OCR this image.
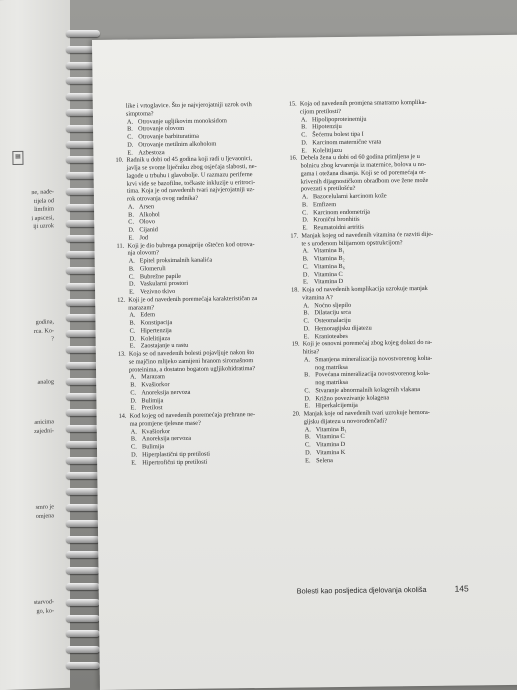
ne, nađe-
tijela od
limfnim
i apscesi,
iji uzrok
godina,
rca. Ko-
?
analog
anicima
zajedni-
smro je
omjena
starvod-
go, ko-
▦
like i vrtoglavice. Što je najvjerojatniji uzrok ovih
simptoma?
A. Otrovanje ugljikovim monoksidom
B. Otrovanje olovom
C. Otrovanje barbituratima
D. Otrovanje metilnim alkoholom
E. Azbestoza
10. Radnik u dobi od 45 godina koji radi u ljevaonici,
javlja se svome liječniku zbog osjećaja slabosti, ne-
lagode u trbuhu i glavobolje. U razmazu periferne
krvi vide se bazofilne, točkaste inkluzije u eritroci-
tima. Koja je od navedenih tvari najvjerojatniji uz-
rok otrovanja ovog radnika?
A. Arsen
B. Alkohol
C. Olovo
D. Cijanid
E. Jod
11. Koji je dio bubrega ponajprije oštećen kod otrova-
nja olovom?
A. Epitel proksimalnih kanalića
B. Glomeruli
C. Bubrežne papile
D. Vaskularni prostori
E. Vezivno tkivo
12. Koji je od navedenih poremećaja karakterističan za
marazam?
A. Edem
B. Konstipacija
C. Hipertenzija
D. Kolelitijaza
E. Zaostajanje u rastu
13. Koja se od navedenih bolesti pojavljuje nakon što
se majčino mlijeko zamijeni hranom siromašnom
proteinima, a dostatno bogatom ugljikohidratima?
A. Marazam
B. Kvašiorkor
C. Anoreksija nervoza
D. Bulimija
E. Pretilost
14. Kod kojeg od navedenih poremećaja prehrane ne-
ma promjene tjelesne mase?
A. Kvašiorkor
B. Anoreksija nervoza
C. Bulimija
D. Hiperplastični tip pretilosti
E. Hipertrofični tip pretilosti
15. Koja od navedenih promjena smatramo komplika-
cijom pretilosti?
A. Hipolipoproteinemiju
B. Hipotenziju
C. Šećernu bolest tipa I
D. Karcinom maternične vrata
E. Kolelitijazu
16. Debela žena u dobi od 60 godina primljena je u
bolnicu zbog krvarenja iz maternice, bolova u no-
gama i otežana disanja. Koji se od poremećaja ot-
krivenih dijagnostičkom obradbom ove žene može
povezati s pretilošću?
A. Bazocelularni karcinom kože
B. Emfizem
C. Karcinom endometrija
D. Kronični bronhitis
E. Reumatoidni artritis
17. Manjak kojeg od navedenih vitamina će razviti dije-
te s urođenom bilijarnom opstrukcijom?
A. Vitamina B₁
B. Vitamina B₂
C. Vitamina B₆
D. Vitamina C
E. Vitamina D
18. Koja od navedenih komplikacija uzrokuje manjak
vitamina A?
A. Noćno sljepilo
B. Dilataciju srca
C. Osteomalaciju
D. Hemoragijsku dijatezu
E. Kranioteabes
19. Koji je osnovni poremećaj zbog kojeg dolazi do ra-
hitisa?
A. Smanjena mineralizacija novostvorenog kolta-
nog matriksa
B. Povećana mineralizacija novostvorenog kola-
nog matriksa
C. Stvaranje abnormalnih kolagenih vlakana
D. Križno povezivanje kolagena
E. Hiperkalcijemija
20. Manjak koje od navedenih tvari uzrokuje hemora-
gijsku dijatezu u novorođenčadi?
A. Vitamina B₁
B. Vitamina C
C. Vitamina D
D. Vitamina K
E. Selena
Bolesti kao posljedica djelovanja okoliša	145
